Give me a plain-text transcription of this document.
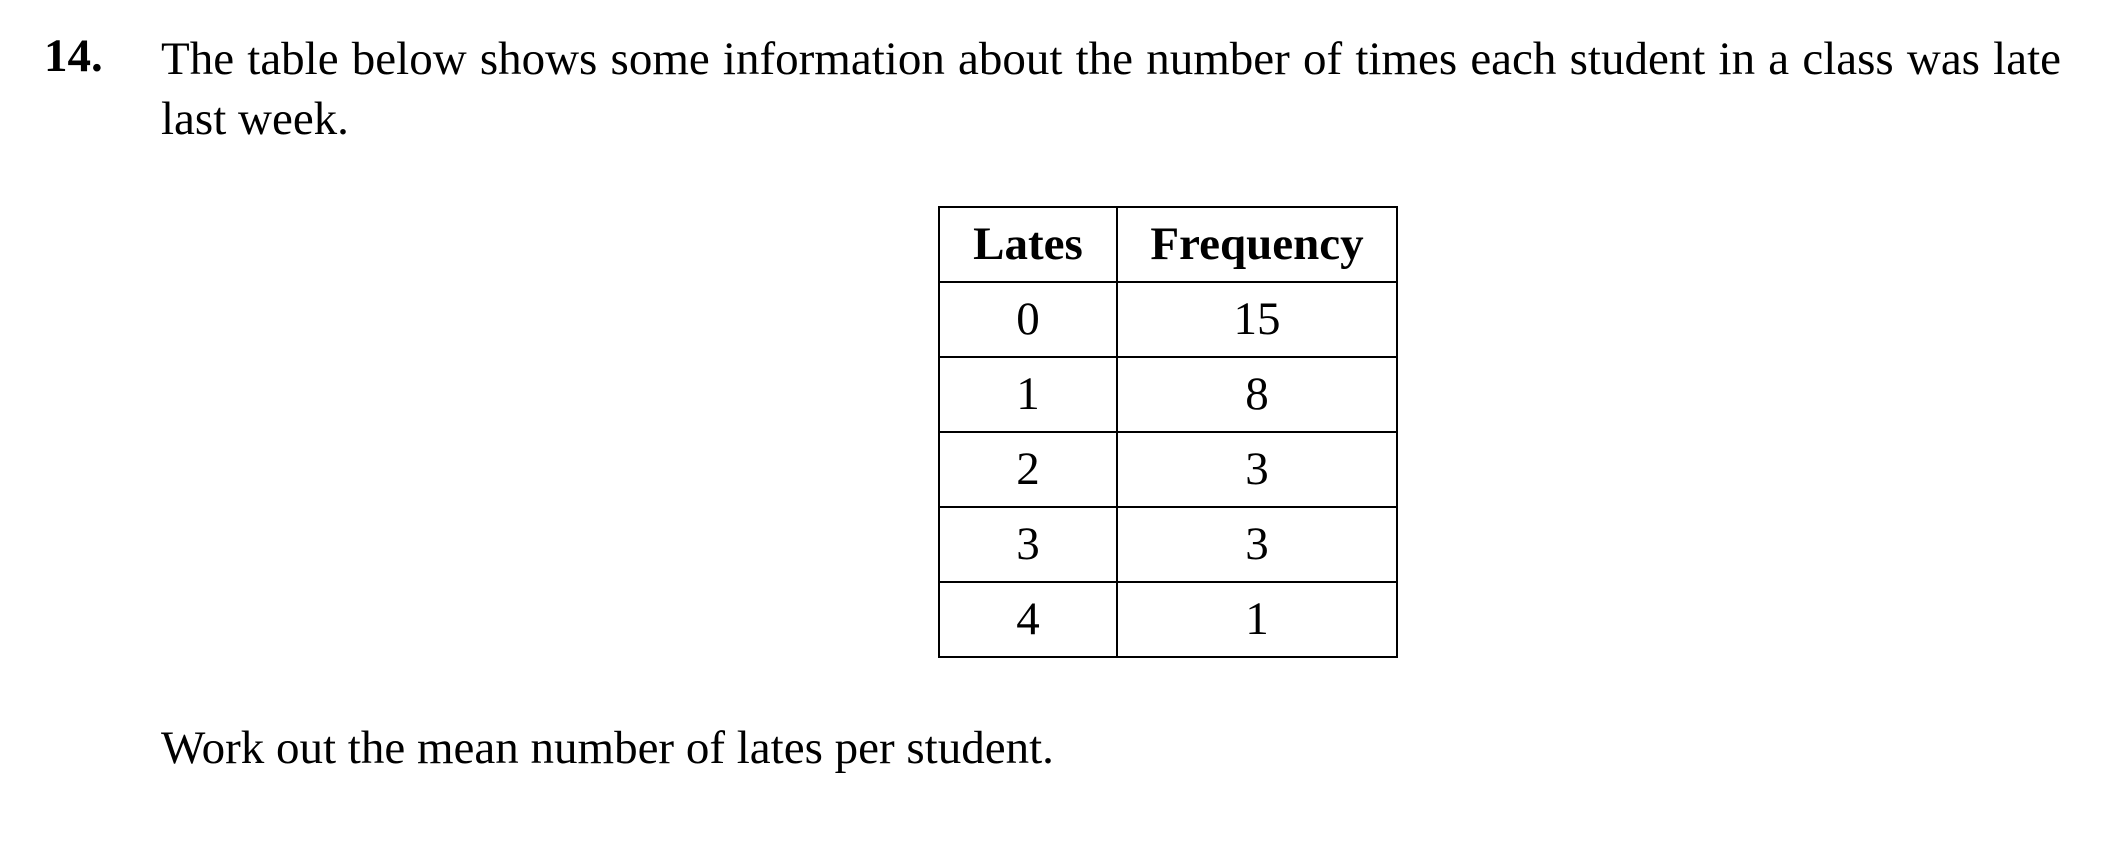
14. The table below shows some information about the number of times each student in a class was late last week.

Lates	Frequency
0	15
1	8
2	3
3	3
4	1

Work out the mean number of lates per student.
